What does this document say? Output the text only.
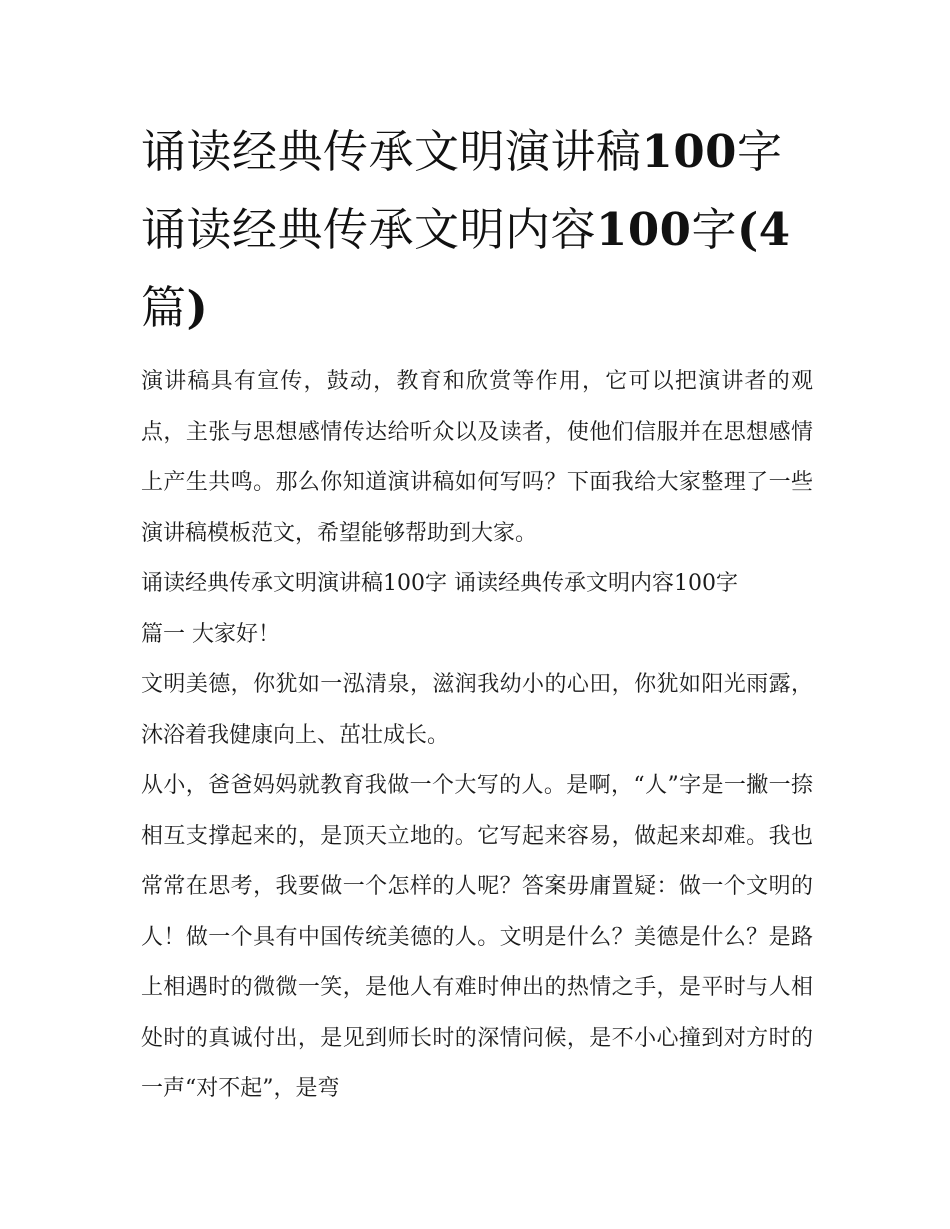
诵读经典传承文明演讲稿100字 诵读经典传承文明内容100字(4篇)

演讲稿具有宣传，鼓动，教育和欣赏等作用，它可以把演讲者的观点，主张与思想感情传达给听众以及读者，使他们信服并在思想感情上产生共鸣。那么你知道演讲稿如何写吗？下面我给大家整理了一些演讲稿模板范文，希望能够帮助到大家。

诵读经典传承文明演讲稿100字 诵读经典传承文明内容100字

篇一 大家好！

文明美德，你犹如一泓清泉，滋润我幼小的心田，你犹如阳光雨露，沐浴着我健康向上、茁壮成长。

从小，爸爸妈妈就教育我做一个大写的人。是啊，“人”字是一撇一捺相互支撑起来的，是顶天立地的。它写起来容易，做起来却难。我也常常在思考，我要做一个怎样的人呢？答案毋庸置疑：做一个文明的人！做一个具有中国传统美德的人。文明是什么？美德是什么？是路上相遇时的微微一笑，是他人有难时伸出的热情之手，是平时与人相处时的真诚付出，是见到师长时的深情问候，是不小心撞到对方时的一声“对不起”，是弯
